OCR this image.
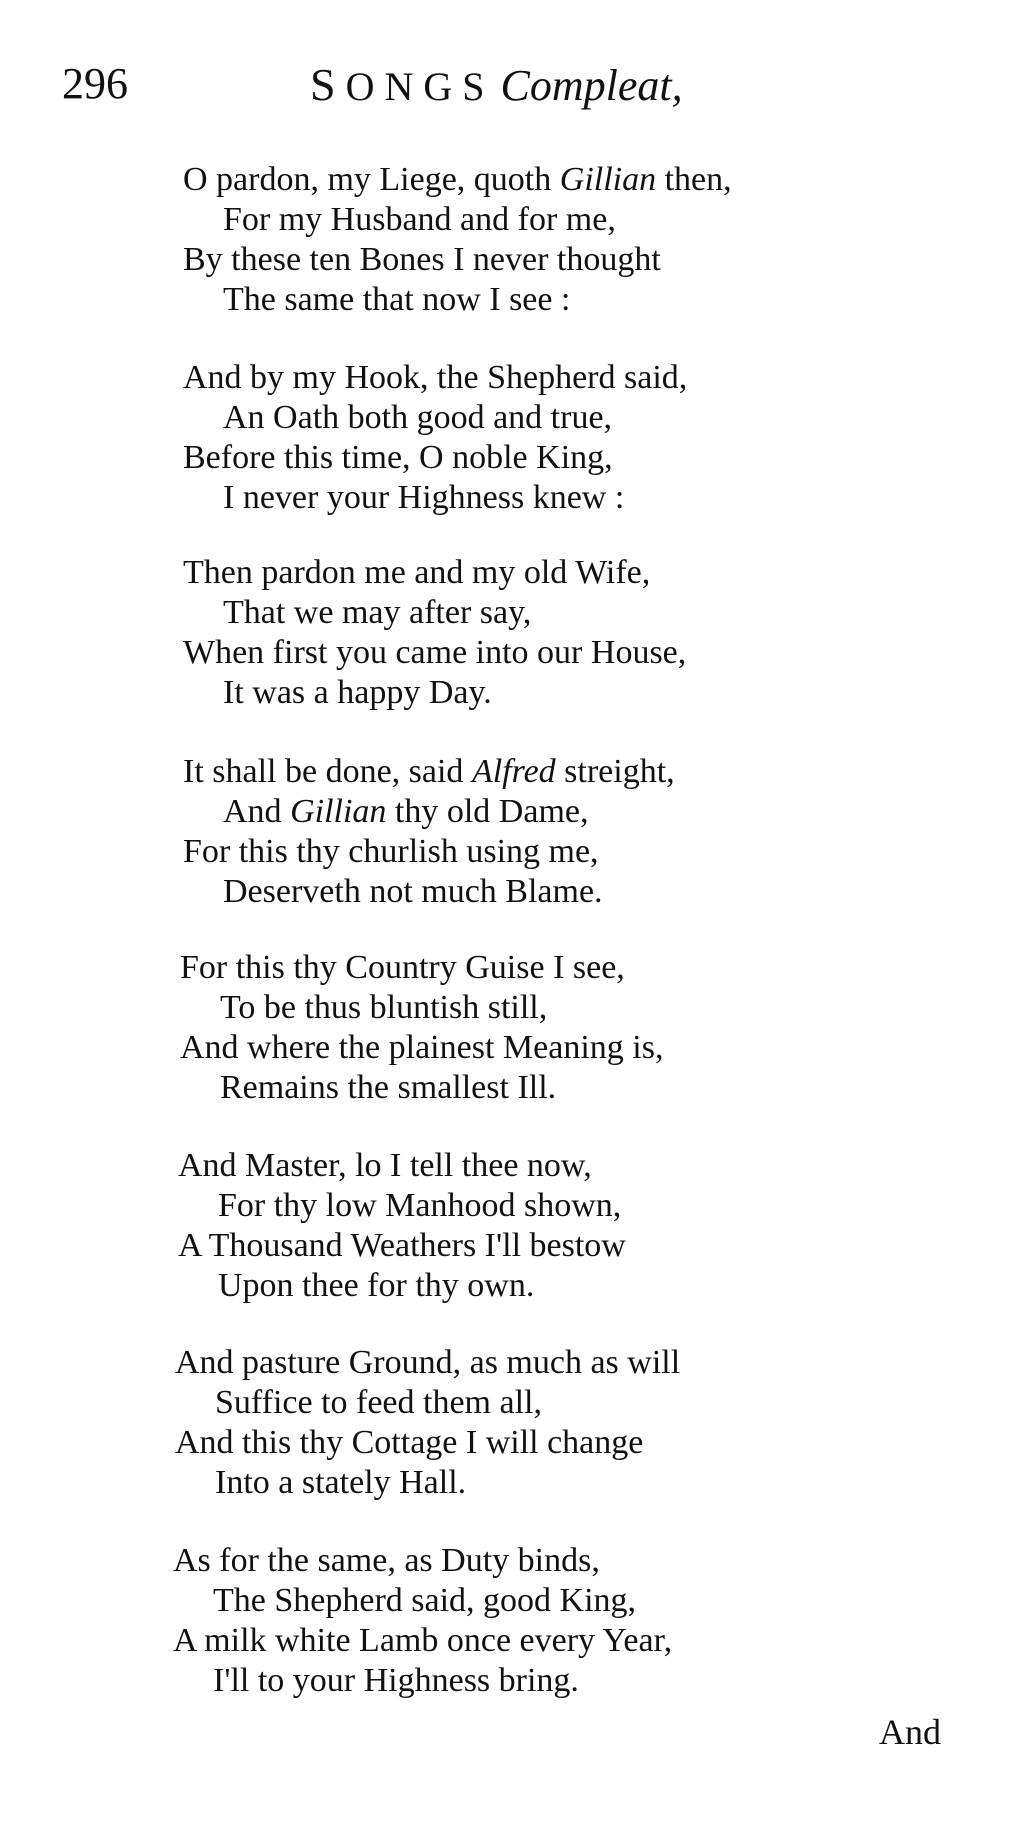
296	SONGS Compleat,
O pardon, my Liege, quoth Gillian then,
For my Husband and for me,
By these ten Bones I never thought
The same that now I see :
And by my Hook, the Shepherd said,
An Oath both good and true,
Before this time, O noble King,
I never your Highness knew :
Then pardon me and my old Wife,
That we may after say,
When first you came into our House,
It was a happy Day.
It shall be done, said Alfred streight,
And Gillian thy old Dame,
For this thy churlish using me,
Deserveth not much Blame.
For this thy Country Guise I see,
To be thus bluntish still,
And where the plainest Meaning is,
Remains the smallest Ill.
And Master, lo I tell thee now,
For thy low Manhood shown,
A Thousand Weathers I'll bestow
Upon thee for thy own.
And pasture Ground, as much as will
Suffice to feed them all,
And this thy Cottage I will change
Into a stately Hall.
As for the same, as Duty binds,
The Shepherd said, good King,
A milk white Lamb once every Year,
I'll to your Highness bring.
And
